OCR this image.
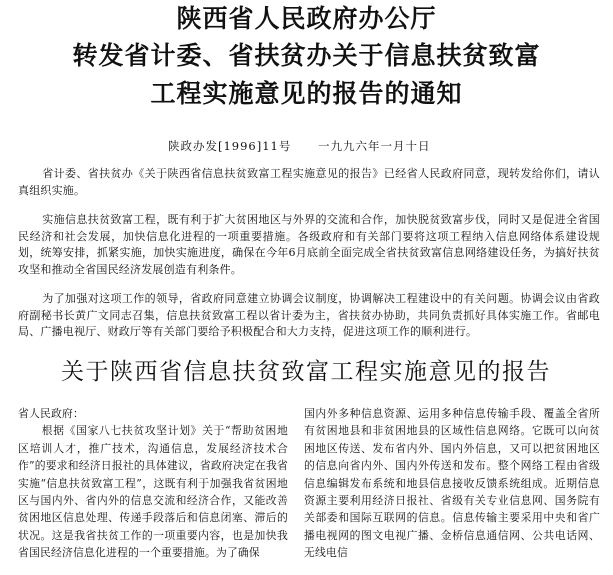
陕西省人民政府办公厅
转发省计委、省扶贫办关于信息扶贫致富
工程实施意见的报告的通知
陕政办发[1996]11号 一九九六年一月十日

省计委、省扶贫办《关于陕西省信息扶贫致富工程实施意见的报告》已经省人民政府同意，现转发给你们，请认真组织实施。

实施信息扶贫致富工程，既有利于扩大贫困地区与外界的交流和合作，加快脱贫致富步伐，同时又是促进全省国民经济和社会发展，加快信息化进程的一项重要措施。各级政府和有关部门要将这项工程纳入信息网络体系建设规划，统筹安排，抓紧实施，加快实施进度，确保在今年6月底前全面完成全省扶贫致富信息网络建设任务，为搞好扶贫攻坚和推动全省国民经济发展创造有利条件。

为了加强对这项工作的领导，省政府同意建立协调会议制度，协调解决工程建设中的有关问题。协调会议由省政府副秘书长黄广文同志召集，信息扶贫致富工程以省计委为主，省扶贫办协助，共同负责抓好具体实施工作。省邮电局、广播电视厅、财政厅等有关部门要给予积极配合和大力支持，促进这项工作的顺利进行。

关于陕西省信息扶贫致富工程实施意见的报告

省人民政府：

根据《国家八七扶贫攻坚计划》关于“帮助贫困地区培训人才，推广技术，沟通信息，发展经济技术合作”的要求和经济日报社的具体建议，省政府决定在我省实施“信息扶贫致富工程”，这既有利于加强我省贫困地区与国内外、省内外的信息交流和经济合作，又能改善贫困地区信息处理、传递手段落后和信息闭塞、滞后的状况。这是我省扶贫工作的一项重要内容，也是加快我省国民经济信息化进程的一个重要措施。为了确保

国内外多种信息资源、运用多种信息传输手段、覆盖全省所有贫困地县和非贫困地县的区域性信息网络。它既可以向贫困地区传送、发布省内外、国内外信息，又可以把贫困地区的信息向省内外、国内外传送和发布。整个网络工程由省级信息编辑发布系统和地县信息接收反馈系统组成。近期信息资源主要利用经济日报社、省级有关专业信息网、国务院有关部委和国际互联网的信息。信息传输主要采用中央和省广播电视网的图文电视广播、金桥信息通信网、公共电话网、无线电信
